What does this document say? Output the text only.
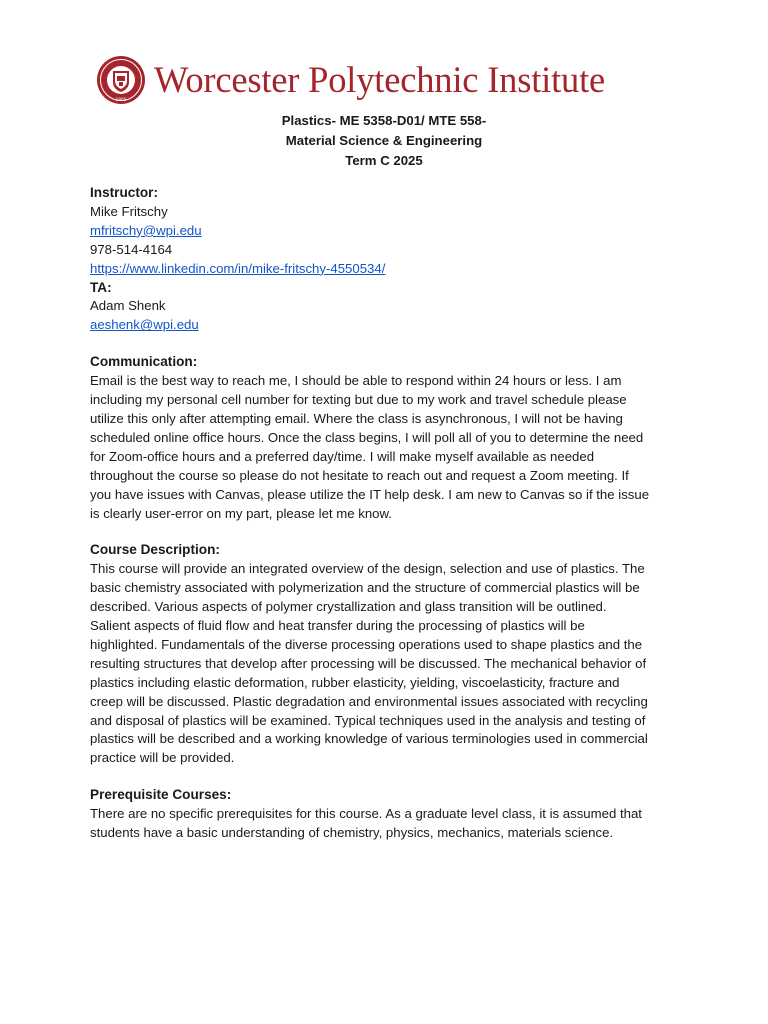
1865 Worcester Polytechnic Institute
Plastics- ME 5358-D01/ MTE 558-
Material Science & Engineering
Term C 2025
Instructor:
Mike Fritschy
mfritschy@wpi.edu
978-514-4164
https://www.linkedin.com/in/mike-fritschy-4550534/
TA:
Adam Shenk
aeshenk@wpi.edu
Communication:
Email is the best way to reach me, I should be able to respond within 24 hours or less. I am
including my personal cell number for texting but due to my work and travel schedule please
utilize this only after attempting email. Where the class is asynchronous, I will not be having
scheduled online office hours. Once the class begins, I will poll all of you to determine the need
for Zoom-office hours and a preferred day/time. I will make myself available as needed
throughout the course so please do not hesitate to reach out and request a Zoom meeting. If
you have issues with Canvas, please utilize the IT help desk. I am new to Canvas so if the issue
is clearly user-error on my part, please let me know.
Course Description:
This course will provide an integrated overview of the design, selection and use of plastics. The
basic chemistry associated with polymerization and the structure of commercial plastics will be
described. Various aspects of polymer crystallization and glass transition will be outlined.
Salient aspects of fluid flow and heat transfer during the processing of plastics will be
highlighted. Fundamentals of the diverse processing operations used to shape plastics and the
resulting structures that develop after processing will be discussed. The mechanical behavior of
plastics including elastic deformation, rubber elasticity, yielding, viscoelasticity, fracture and
creep will be discussed. Plastic degradation and environmental issues associated with recycling
and disposal of plastics will be examined. Typical techniques used in the analysis and testing of
plastics will be described and a working knowledge of various terminologies used in commercial
practice will be provided.
Prerequisite Courses:
There are no specific prerequisites for this course. As a graduate level class, it is assumed that
students have a basic understanding of chemistry, physics, mechanics, materials science.
